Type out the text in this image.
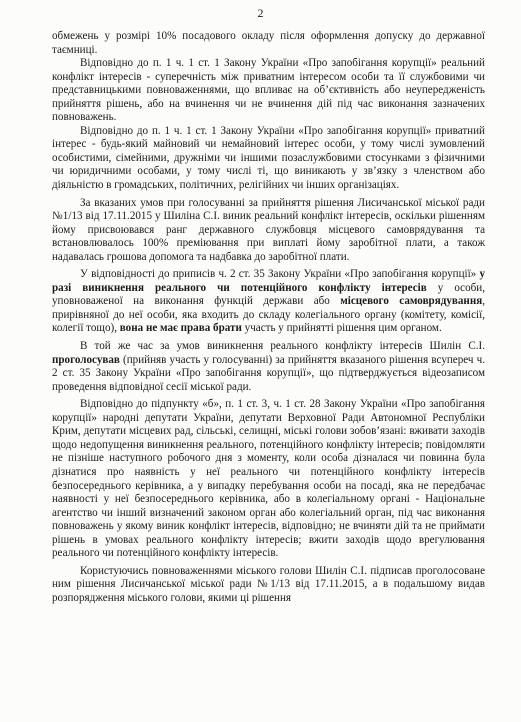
2

обмежень у розмірі 10% посадового окладу після оформлення допуску до державної таємниці.

Відповідно до п. 1 ч. 1 ст. 1 Закону України «Про запобігання корупції» реальний конфлікт інтересів - суперечність між приватним інтересом особи та її службовими чи представницькими повноваженнями, що впливає на об’єктивність або неупередженість прийняття рішень, або на вчинення чи не вчинення дій під час виконання зазначених повноважень.

Відповідно до п. 1 ч. 1 ст. 1 Закону України «Про запобігання корупції» приватний інтерес - будь-який майновий чи немайновий інтерес особи, у тому числі зумовлений особистими, сімейними, дружніми чи іншими позаслужбовими стосунками з фізичними чи юридичними особами, у тому числі ті, що виникають у зв’язку з членством або діяльністю в громадських, політичних, релігійних чи інших організаціях.

За вказаних умов при голосуванні за прийняття рішення Лисичанської міської ради №1/13 від 17.11.2015 у Шиліна С.І. виник реальний конфлікт інтересів, оскільки рішенням йому присвоювався ранг державного службовця місцевого самоврядування та встановлювалось 100% преміювання при виплаті йому заробітної плати, а також надавалась грошова допомога та надбавка до заробітної плати.

У відповідності до приписів ч. 2 ст. 35 Закону України «Про запобігання корупції» у разі виникнення реального чи потенційного конфлікту інтересів у особи, уповноваженої на виконання функцій держави або місцевого самоврядування, прирівняної до неї особи, яка входить до складу колегіального органу (комітету, комісії, колегії тощо), вона не має права брати участь у прийнятті рішення цим органом.

В той же час за умов виникнення реального конфлікту інтересів Шилін С.І. проголосував (прийняв участь у голосуванні) за прийняття вказаного рішення всупереч ч. 2 ст. 35 Закону України «Про запобігання корупції», що підтверджується відеозаписом проведення відповідної сесії міської ради.

Відповідно до підпункту «б», п. 1 ст. 3, ч. 1 ст. 28 Закону України «Про запобігання корупції» народні депутати України, депутати Верховної Ради Автономної Республіки Крим, депутати місцевих рад, сільські, селищні, міські голови зобов’язані: вживати заходів щодо недопущення виникнення реального, потенційного конфлікту інтересів; повідомляти не пізніше наступного робочого дня з моменту, коли особа дізналася чи повинна була дізнатися про наявність у неї реального чи потенційного конфлікту інтересів безпосереднього керівника, а у випадку перебування особи на посаді, яка не передбачає наявності у неї безпосереднього керівника, або в колегіальному органі - Національне агентство чи інший визначений законом орган або колегіальний орган, під час виконання повноважень у якому виник конфлікт інтересів, відповідно; не вчиняти дій та не приймати рішень в умовах реального конфлікту інтересів; вжити заходів щодо врегулювання реального чи потенційного конфлікту інтересів.

Користуючись повноваженнями міського голови Шилін С.І. підписав проголосоване ним рішення Лисичанської міської ради №1/13 від 17.11.2015, а в подальшому видав розпорядження міського голови, якими ці рішення
